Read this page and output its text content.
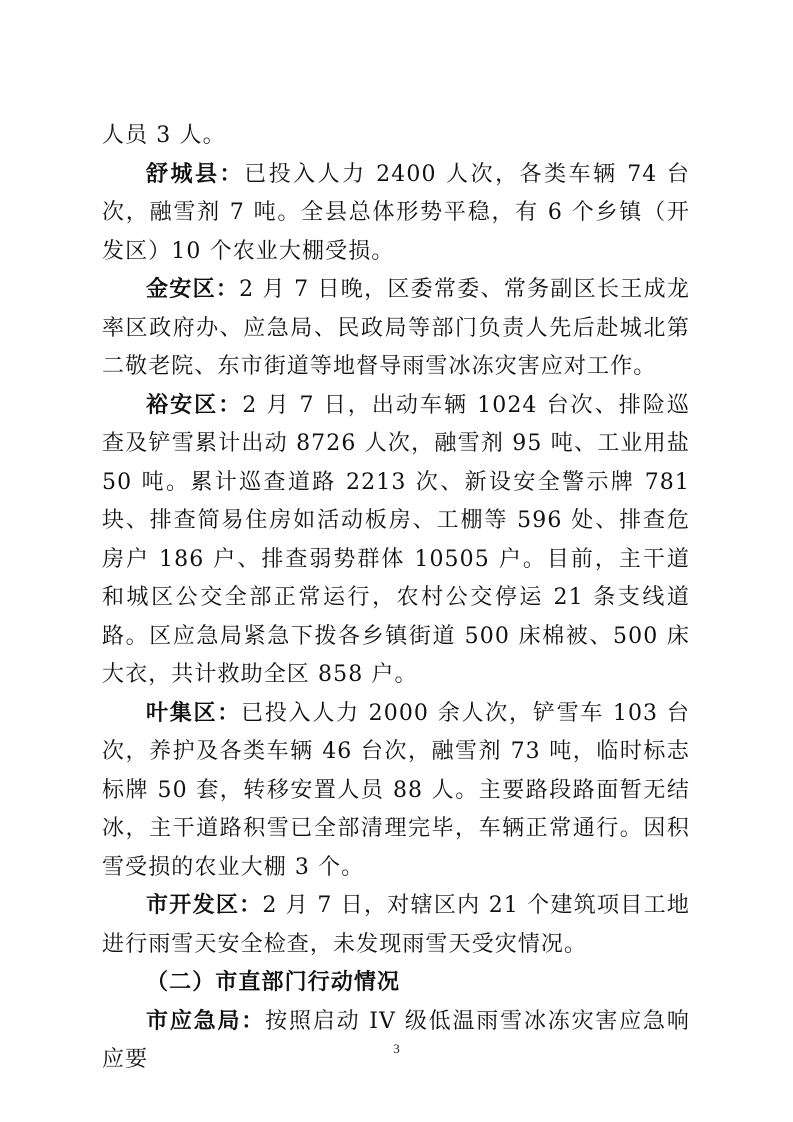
人员 3 人。

舒城县：已投入人力 2400 人次，各类车辆 74 台次，融雪剂 7 吨。全县总体形势平稳，有 6 个乡镇（开发区）10 个农业大棚受损。

金安区：2 月 7 日晚，区委常委、常务副区长王成龙率区政府办、应急局、民政局等部门负责人先后赴城北第二敬老院、东市街道等地督导雨雪冰冻灾害应对工作。

裕安区：2 月 7 日，出动车辆 1024 台次、排险巡查及铲雪累计出动 8726 人次，融雪剂 95 吨、工业用盐 50 吨。累计巡查道路 2213 次、新设安全警示牌 781 块、排查简易住房如活动板房、工棚等 596 处、排查危房户 186 户、排查弱势群体 10505 户。目前，主干道和城区公交全部正常运行，农村公交停运 21 条支线道路。区应急局紧急下拨各乡镇街道 500 床棉被、500 床大衣，共计救助全区 858 户。

叶集区：已投入人力 2000 余人次，铲雪车 103 台次，养护及各类车辆 46 台次，融雪剂 73 吨，临时标志标牌 50 套，转移安置人员 88 人。主要路段路面暂无结冰，主干道路积雪已全部清理完毕，车辆正常通行。因积雪受损的农业大棚 3 个。

市开发区：2 月 7 日，对辖区内 21 个建筑项目工地进行雨雪天安全检查，未发现雨雪天受灾情况。

（二）市直部门行动情况

市应急局：按照启动 IV 级低温雨雪冰冻灾害应急响应要	3
